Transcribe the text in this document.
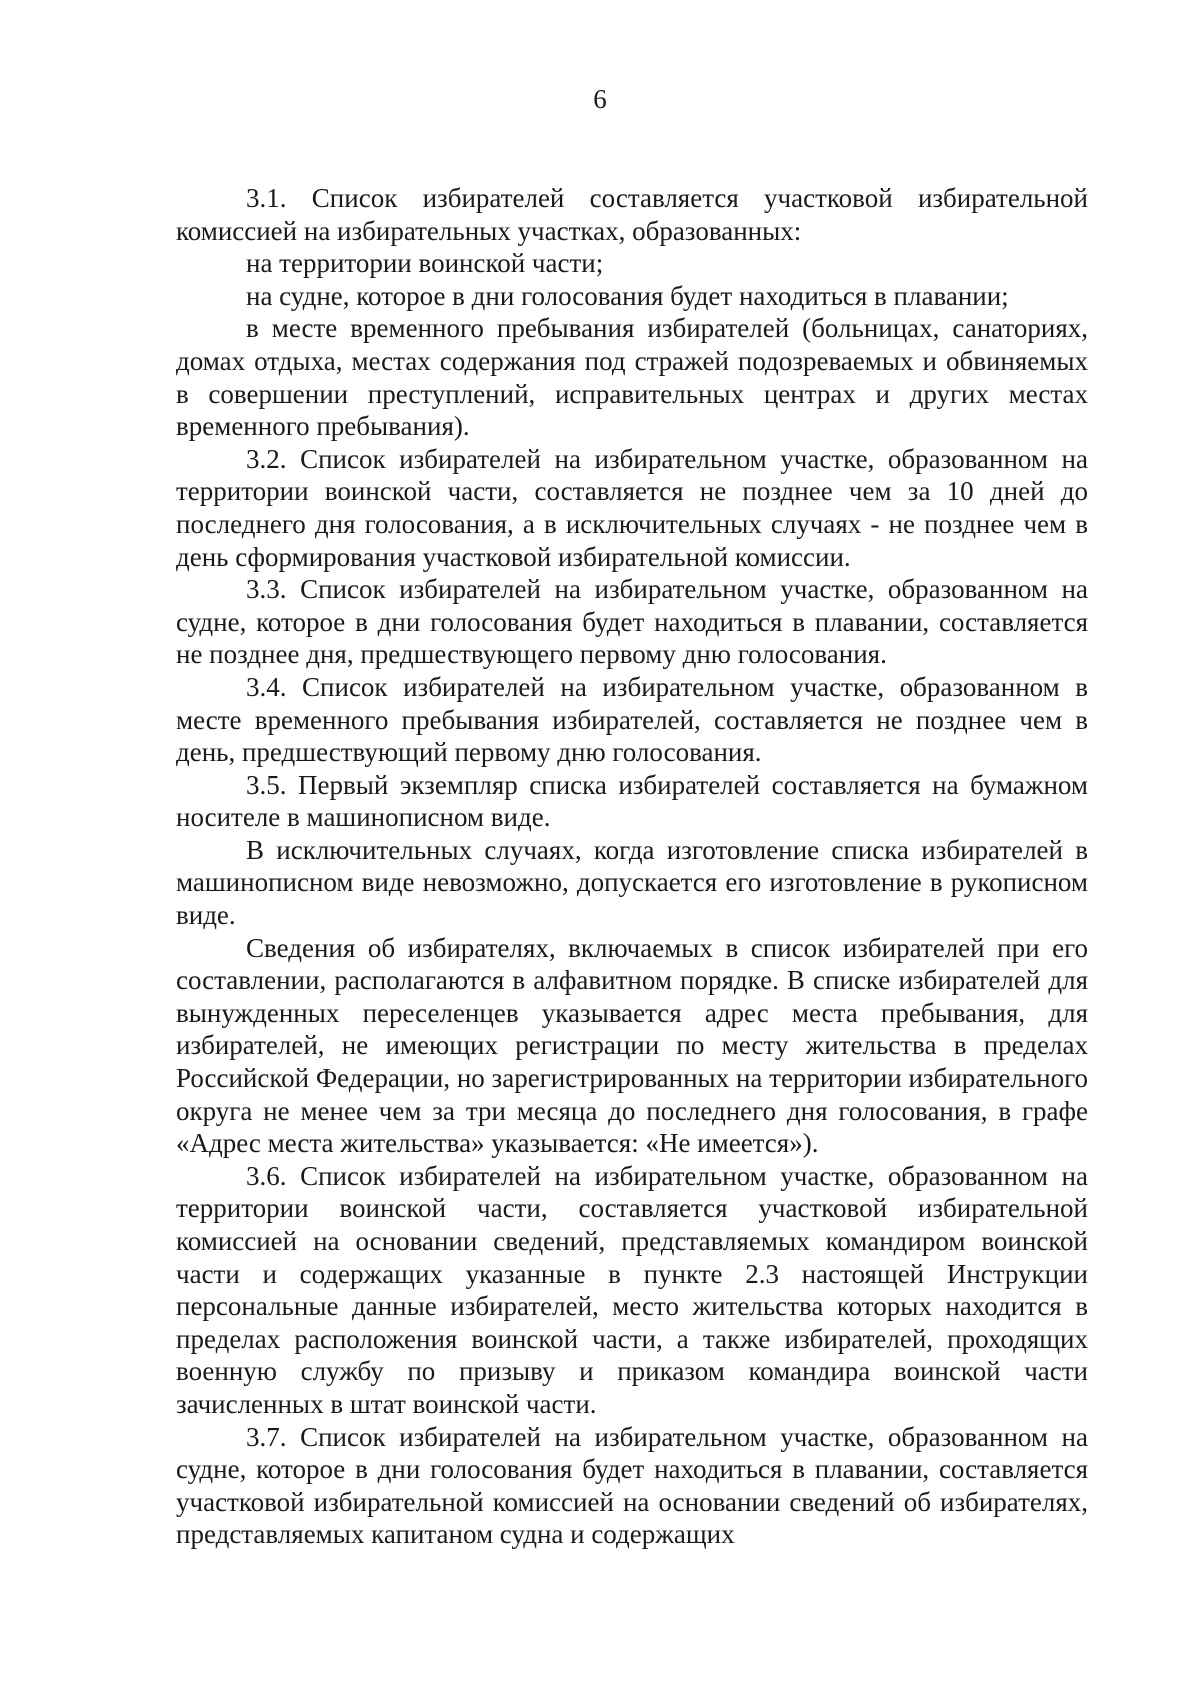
6

3.1. Список избирателей составляется участковой избирательной комиссией на избирательных участках, образованных:

на территории воинской части;

на судне, которое в дни голосования будет находиться в плавании;

в месте временного пребывания избирателей (больницах, санаториях, домах отдыха, местах содержания под стражей подозреваемых и обвиняемых в совершении преступлений, исправительных центрах и других местах временного пребывания).

3.2. Список избирателей на избирательном участке, образованном на территории воинской части, составляется не позднее чем за 10 дней до последнего дня голосования, а в исключительных случаях - не позднее чем в день сформирования участковой избирательной комиссии.

3.3. Список избирателей на избирательном участке, образованном на судне, которое в дни голосования будет находиться в плавании, составляется не позднее дня, предшествующего первому дню голосования.

3.4. Список избирателей на избирательном участке, образованном в месте временного пребывания избирателей, составляется не позднее чем в день, предшествующий первому дню голосования.

3.5. Первый экземпляр списка избирателей составляется на бумажном носителе в машинописном виде.

В исключительных случаях, когда изготовление списка избирателей в машинописном виде невозможно, допускается его изготовление в рукописном виде.

Сведения об избирателях, включаемых в список избирателей при его составлении, располагаются в алфавитном порядке. В списке избирателей для вынужденных переселенцев указывается адрес места пребывания, для избирателей, не имеющих регистрации по месту жительства в пределах Российской Федерации, но зарегистрированных на территории избирательного округа не менее чем за три месяца до последнего дня голосования, в графе «Адрес места жительства» указывается: «Не имеется»).

3.6. Список избирателей на избирательном участке, образованном на территории воинской части, составляется участковой избирательной комиссией на основании сведений, представляемых командиром воинской части и содержащих указанные в пункте 2.3 настоящей Инструкции персональные данные избирателей, место жительства которых находится в пределах расположения воинской части, а также избирателей, проходящих военную службу по призыву и приказом командира воинской части зачисленных в штат воинской части.

3.7. Список избирателей на избирательном участке, образованном на судне, которое в дни голосования будет находиться в плавании, составляется участковой избирательной комиссией на основании сведений об избирателях, представляемых капитаном судна и содержащих
